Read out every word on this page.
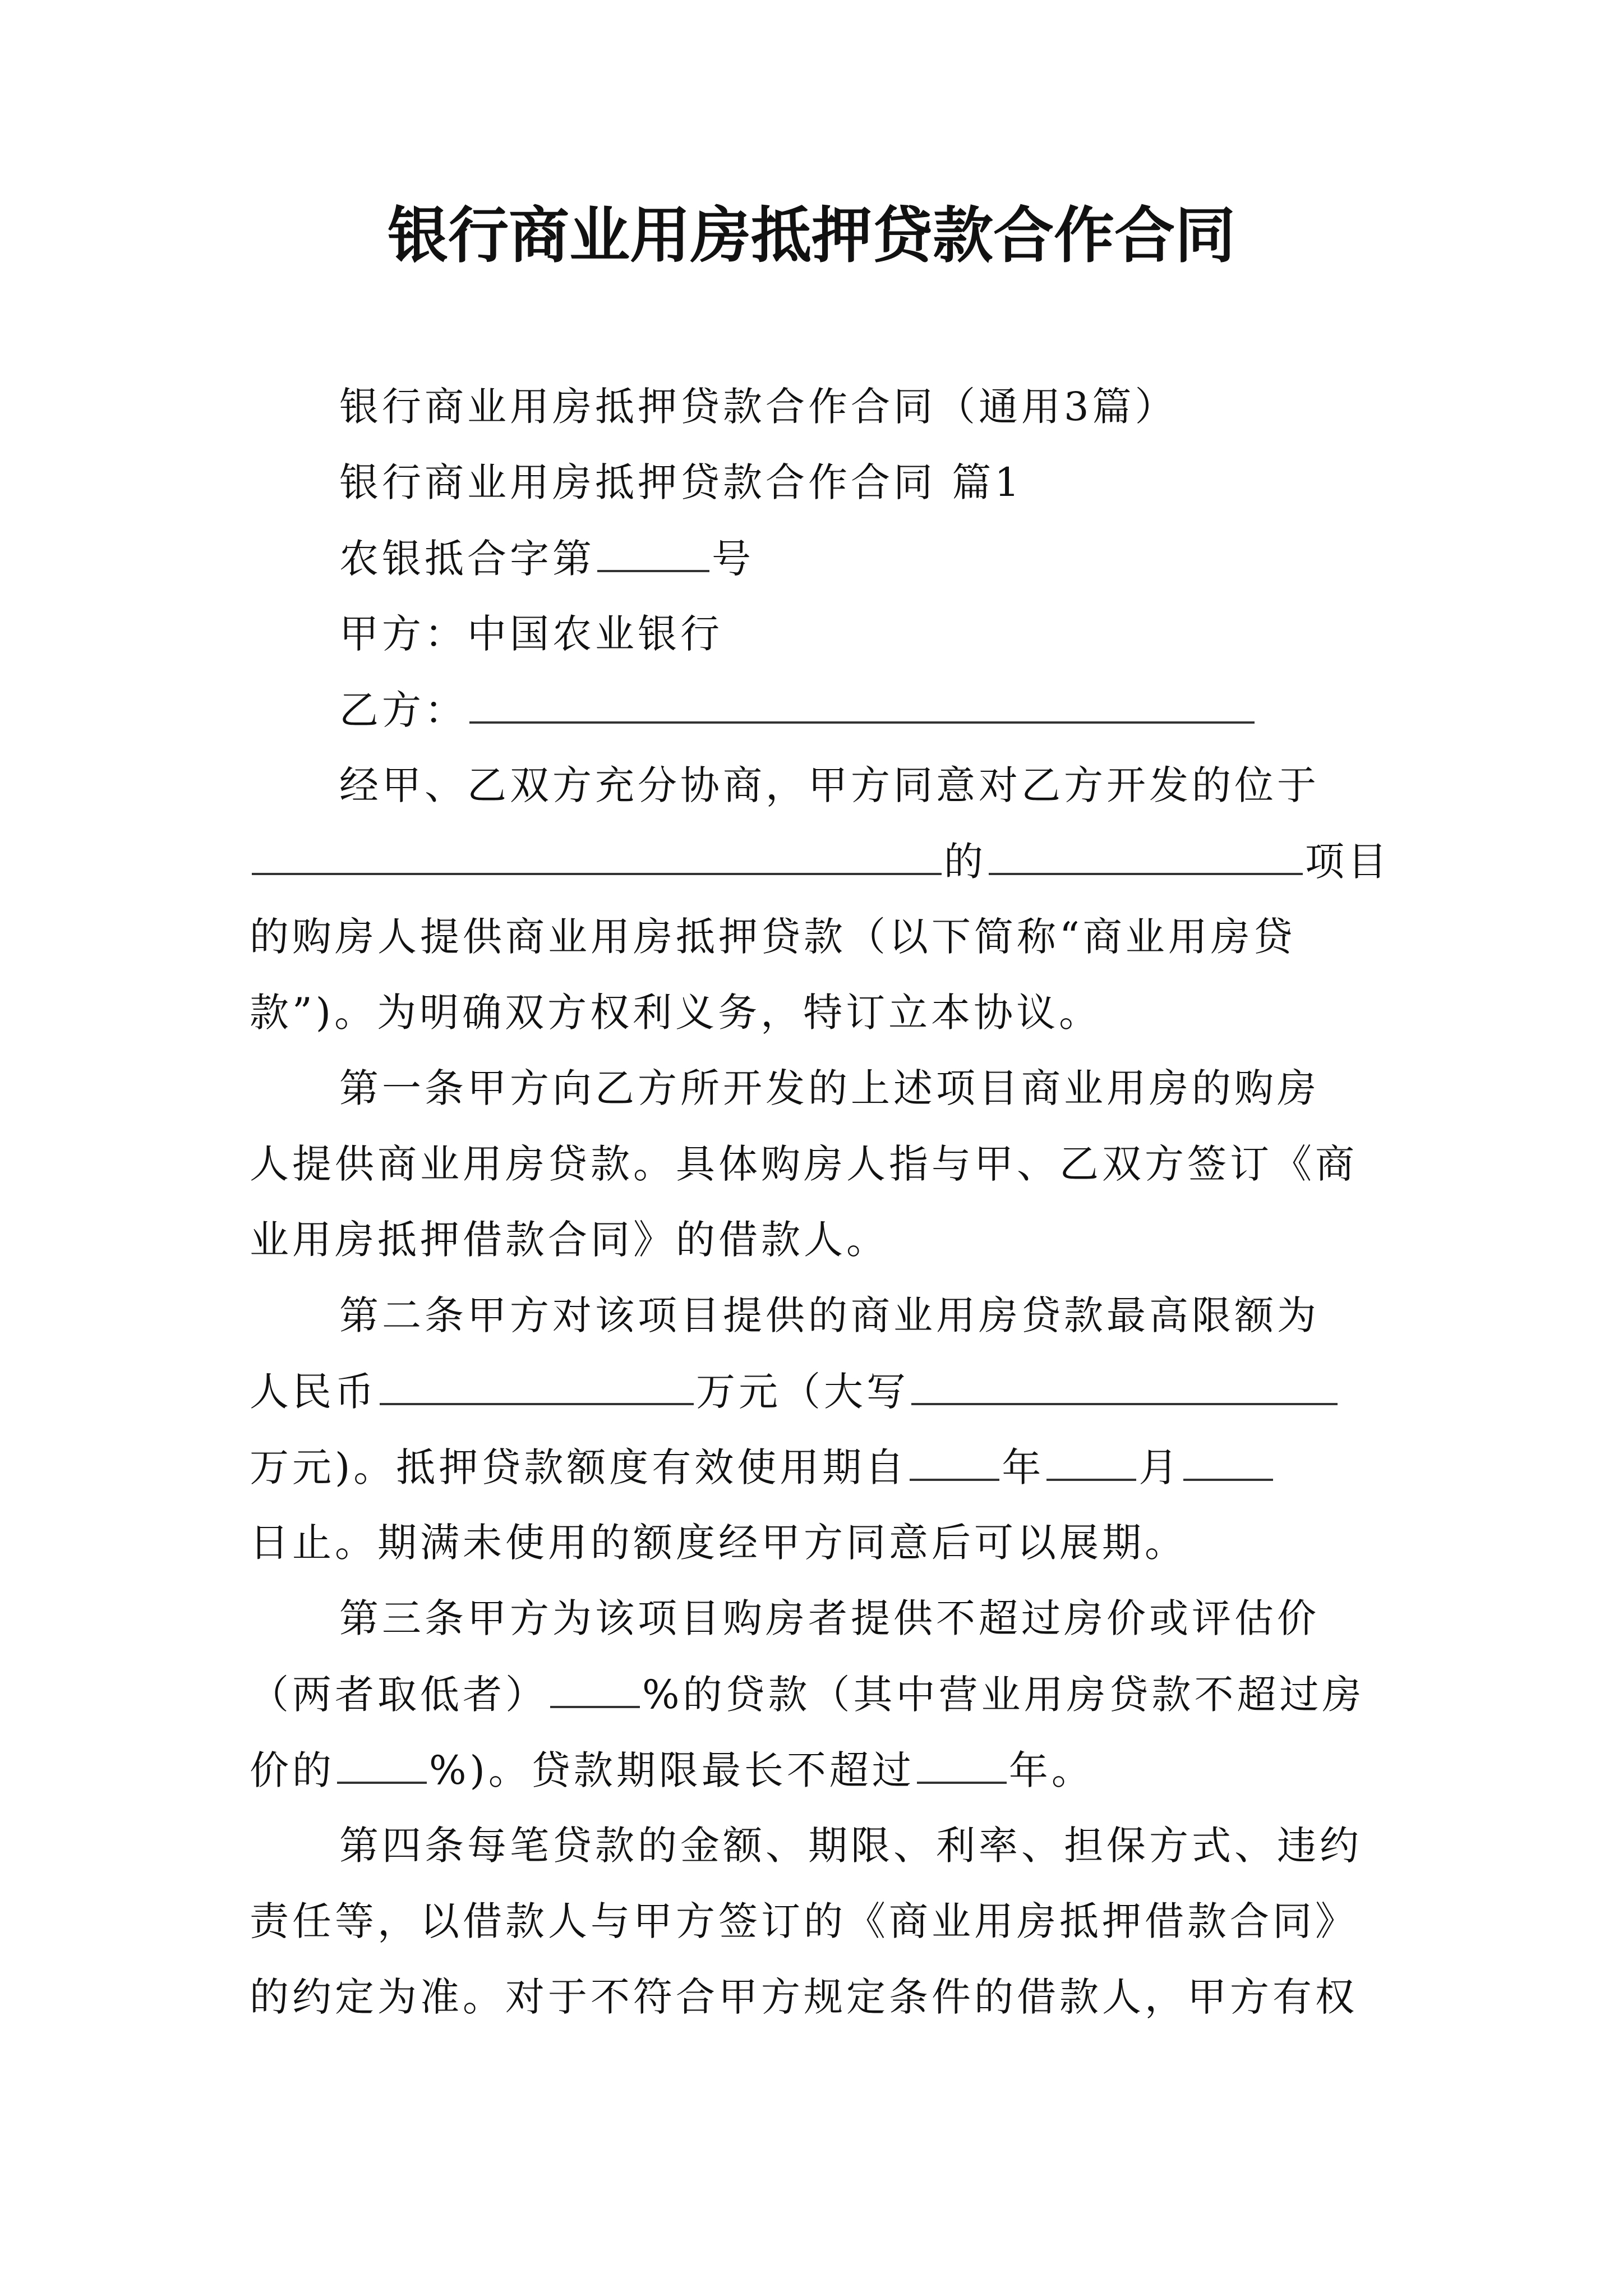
银行商业用房抵押贷款合作合同
银行商业用房抵押贷款合作合同（通用3篇）
银行商业用房抵押贷款合作合同 篇1
农银抵合字第	号
甲方：中国农业银行
乙方：
经甲、乙双方充分协商，甲方同意对乙方开发的位于
的	项目
的购房人提供商业用房抵押贷款（以下简称“商业用房贷
款”)。为明确双方权利义务，特订立本协议。
第一条甲方向乙方所开发的上述项目商业用房的购房
人提供商业用房贷款。具体购房人指与甲、乙双方签订《商
业用房抵押借款合同》的借款人。
第二条甲方对该项目提供的商业用房贷款最高限额为
人民币	万元（大写
万元)。抵押贷款额度有效使用期自 年 月
日止。期满未使用的额度经甲方同意后可以展期。
第三条甲方为该项目购房者提供不超过房价或评估价
（两者取低者） %的贷款（其中营业用房贷款不超过房
价的 %)。贷款期限最长不超过 年。
第四条每笔贷款的金额、期限、利率、担保方式、违约
责任等，以借款人与甲方签订的《商业用房抵押借款合同》
的约定为准。对于不符合甲方规定条件的借款人，甲方有权
